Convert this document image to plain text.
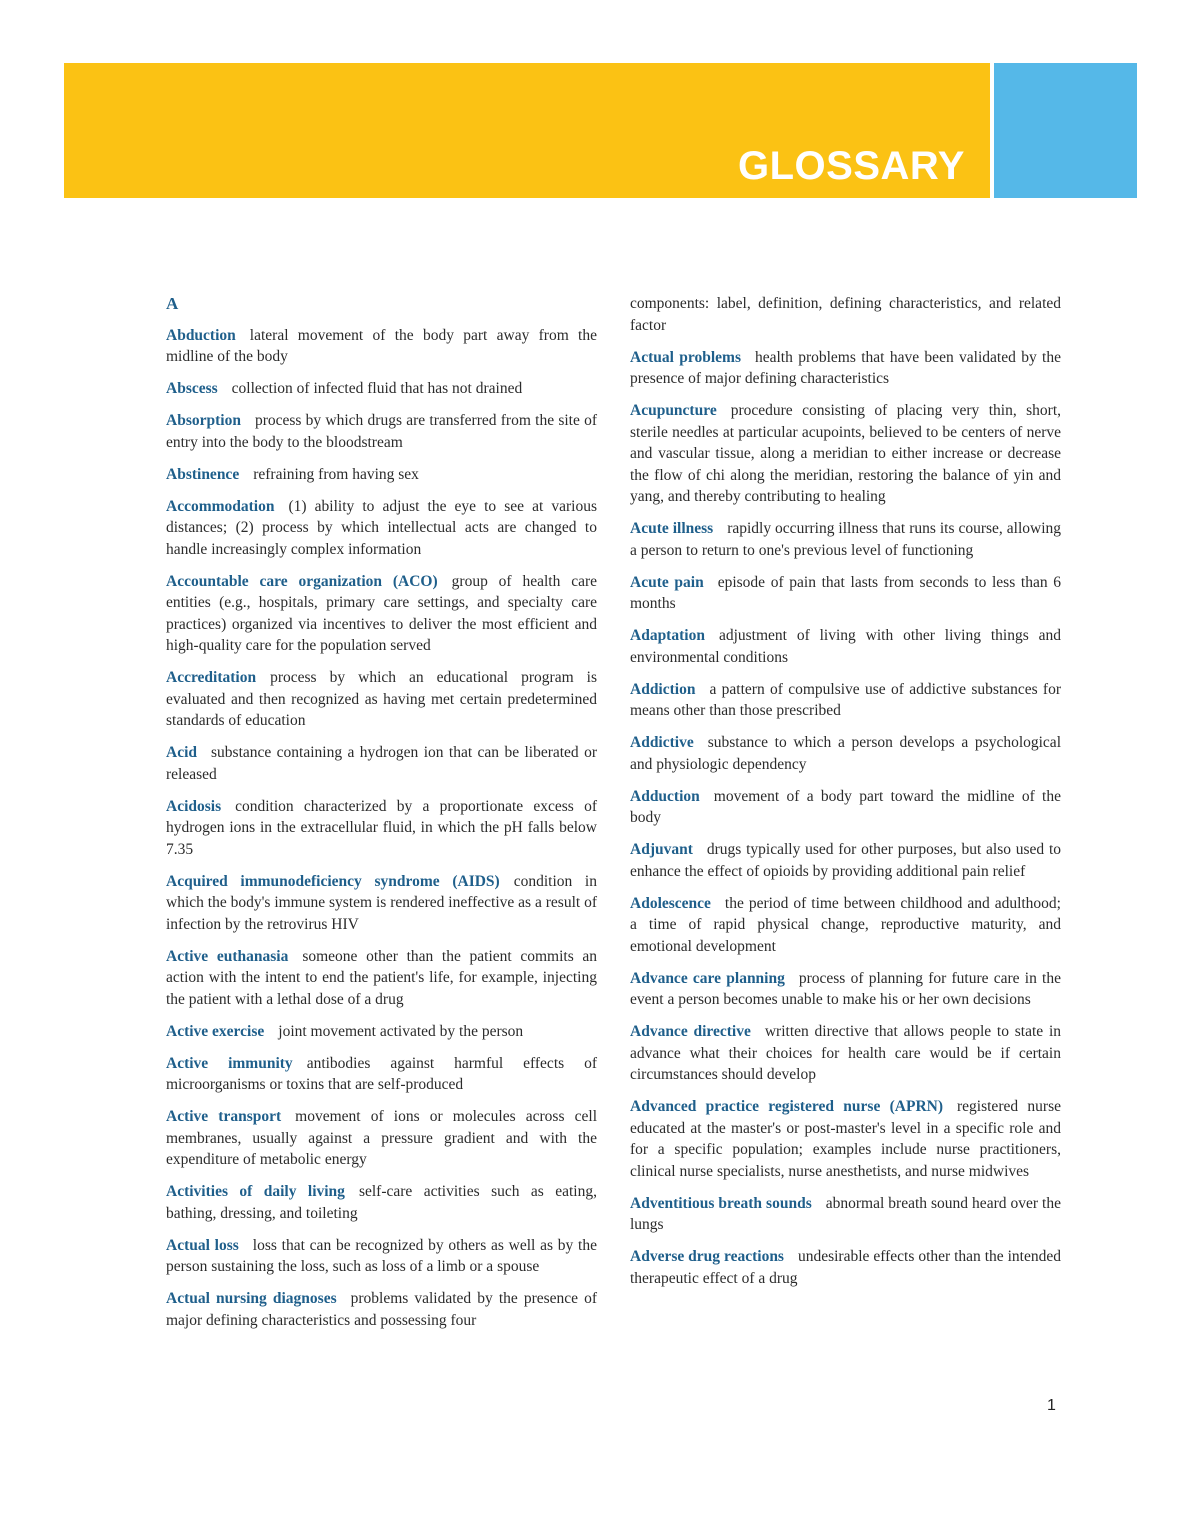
GLOSSARY
A

Abduction lateral movement of the body part away from the midline of the body

Abscess collection of infected fluid that has not drained

Absorption process by which drugs are transferred from the site of entry into the body to the bloodstream

Abstinence refraining from having sex

Accommodation (1) ability to adjust the eye to see at various distances; (2) process by which intellectual acts are changed to handle increasingly complex information

Accountable care organization (ACO) group of health care entities (e.g., hospitals, primary care settings, and specialty care practices) organized via incentives to deliver the most efficient and high-quality care for the population served

Accreditation process by which an educational program is evaluated and then recognized as having met certain predetermined standards of education

Acid substance containing a hydrogen ion that can be liberated or released

Acidosis condition characterized by a proportionate excess of hydrogen ions in the extracellular fluid, in which the pH falls below 7.35

Acquired immunodeficiency syndrome (AIDS) condition in which the body's immune system is rendered ineffective as a result of infection by the retrovirus HIV

Active euthanasia someone other than the patient commits an action with the intent to end the patient's life, for example, injecting the patient with a lethal dose of a drug

Active exercise joint movement activated by the person

Active immunity antibodies against harmful effects of microorganisms or toxins that are self-produced

Active transport movement of ions or molecules across cell membranes, usually against a pressure gradient and with the expenditure of metabolic energy

Activities of daily living self-care activities such as eating, bathing, dressing, and toileting

Actual loss loss that can be recognized by others as well as by the person sustaining the loss, such as loss of a limb or a spouse

Actual nursing diagnoses problems validated by the presence of major defining characteristics and possessing four

components: label, definition, defining characteristics, and related factor

Actual problems health problems that have been validated by the presence of major defining characteristics

Acupuncture procedure consisting of placing very thin, short, sterile needles at particular acupoints, believed to be centers of nerve and vascular tissue, along a meridian to either increase or decrease the flow of chi along the meridian, restoring the balance of yin and yang, and thereby contributing to healing

Acute illness rapidly occurring illness that runs its course, allowing a person to return to one's previous level of functioning

Acute pain episode of pain that lasts from seconds to less than 6 months

Adaptation adjustment of living with other living things and environmental conditions

Addiction a pattern of compulsive use of addictive substances for means other than those prescribed

Addictive substance to which a person develops a psychological and physiologic dependency

Adduction movement of a body part toward the midline of the body

Adjuvant drugs typically used for other purposes, but also used to enhance the effect of opioids by providing additional pain relief

Adolescence the period of time between childhood and adulthood; a time of rapid physical change, reproductive maturity, and emotional development

Advance care planning process of planning for future care in the event a person becomes unable to make his or her own decisions

Advance directive written directive that allows people to state in advance what their choices for health care would be if certain circumstances should develop

Advanced practice registered nurse (APRN) registered nurse educated at the master's or post-master's level in a specific role and for a specific population; examples include nurse practitioners, clinical nurse specialists, nurse anesthetists, and nurse midwives

Adventitious breath sounds abnormal breath sound heard over the lungs

Adverse drug reactions undesirable effects other than the intended therapeutic effect of a drug

1
